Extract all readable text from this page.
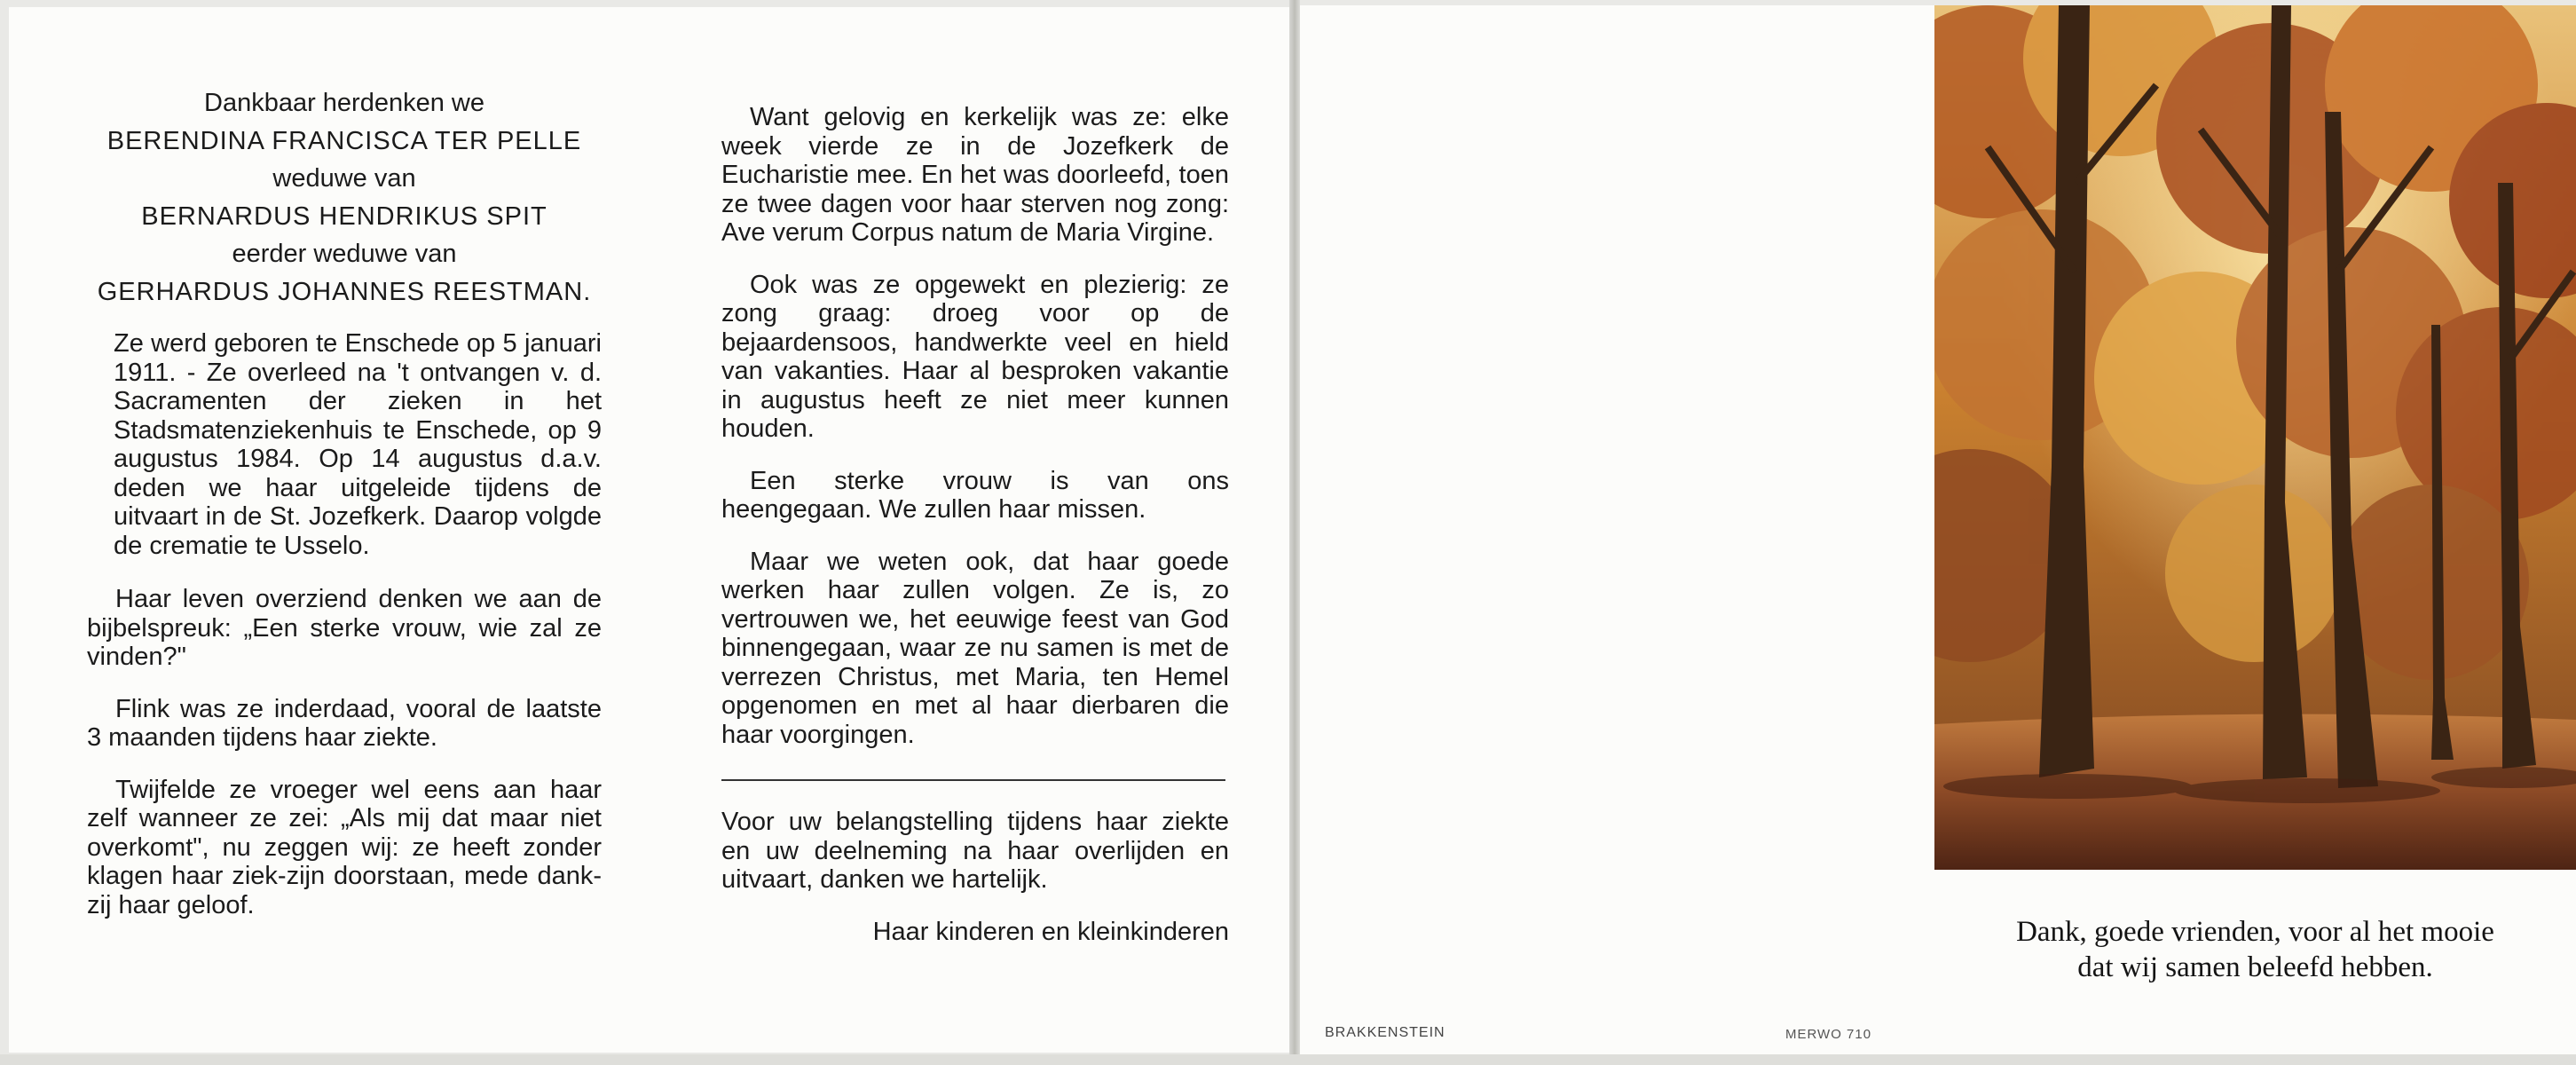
Dankbaar herdenken we

BERENDINA FRANCISCA TER PELLE

weduwe van

BERNARDUS HENDRIKUS SPIT

eerder weduwe van

GERHARDUS JOHANNES REESTMAN.

Ze werd geboren te Enschede op 5 januari 1911. - Ze overleed na 't ontvangen v. d. Sacramenten der zieken in het Stadsmatenziekenhuis te Enschede, op 9 augustus 1984. Op 14 augustus d.a.v. deden we haar uitgeleide tijdens de uitvaart in de St. Jozefkerk. Daarop volgde de crematie te Usselo.

Haar leven overziend denken we aan de bijbelspreuk: „Een sterke vrouw, wie zal ze vinden?"

Flink was ze inderdaad, vooral de laatste 3 maanden tijdens haar ziekte.

Twijfelde ze vroeger wel eens aan haar zelf wanneer ze zei: „Als mij dat maar niet overkomt", nu zeggen wij: ze heeft zonder klagen haar ziek-zijn doorstaan, mede dank-zij haar geloof.

Want gelovig en kerkelijk was ze: elke week vierde ze in de Jozefkerk de Eucharistie mee. En het was doorleefd, toen ze twee dagen voor haar sterven nog zong: Ave verum Corpus natum de Maria Virgine.

Ook was ze opgewekt en plezierig: ze zong graag: droeg voor op de bejaardensoos, handwerkte veel en hield van vakanties. Haar al besproken vakantie in augustus heeft ze niet meer kunnen houden.

Een sterke vrouw is van ons heengegaan. We zullen haar missen.

Maar we weten ook, dat haar goede werken haar zullen volgen. Ze is, zo vertrouwen we, het eeuwige feest van God binnengegaan, waar ze nu samen is met de verrezen Christus, met Maria, ten Hemel opgenomen en met al haar dierbaren die haar voorgingen.

Voor uw belangstelling tijdens haar ziekte en uw deelneming na haar overlijden en uitvaart, danken we hartelijk.

Haar kinderen en kleinkinderen	Dank, goede vrienden, voor al het mooie
dat wij samen beleefd hebben.
BRAKKENSTEIN	MERWO 710
